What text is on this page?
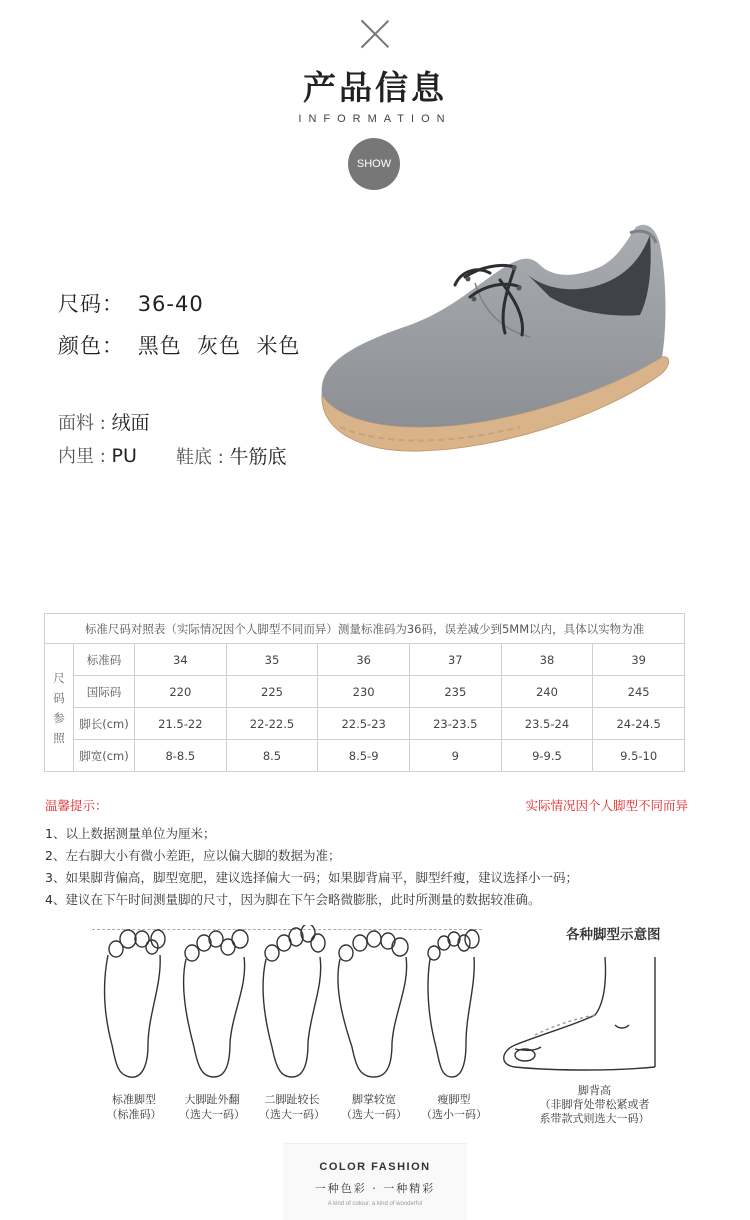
产品信息
INFORMATION
SHOW
尺码： 36-40
颜色： 黑色  灰色  米色
面料 : 绒面
内里 : PU 鞋底 : 牛筋底
标准尺码对照表（实际情况因个人脚型不同而异）测量标准码为36码，误差减少到5MM以内，具体以实物为准							
尺码参照	标准码	34	35	36	37	38	39
	国际码	220	225	230	235	240	245
	脚长(cm)	21.5-22	22-22.5	22.5-23	23-23.5	23.5-24	24-24.5
	脚宽(cm)	8-8.5	8.5	8.5-9	9	9-9.5	9.5-10
温馨提示：	实际情况因个人脚型不同而异
1、以上数据测量单位为厘米；
2、左右脚大小有微小差距，应以偏大脚的数据为准；
3、如果脚背偏高，脚型宽肥，建议选择偏大一码；如果脚背扁平，脚型纤瘦，建议选择小一码；
4、建议在下午时间测量脚的尺寸，因为脚在下午会略微膨胀，此时所测量的数据较准确。
标准脚型
（标准码）
大脚趾外翻
（选大一码）
二脚趾较长
（选大一码）
脚掌较宽
（选大一码）
瘦脚型
（选小一码）
各种脚型示意图
脚背高
（非脚背处带松紧或者
系带款式则选大一码）
COLOR FASHION
一种色彩 · 一种精彩
A kind of colour, a kind of wonderful
